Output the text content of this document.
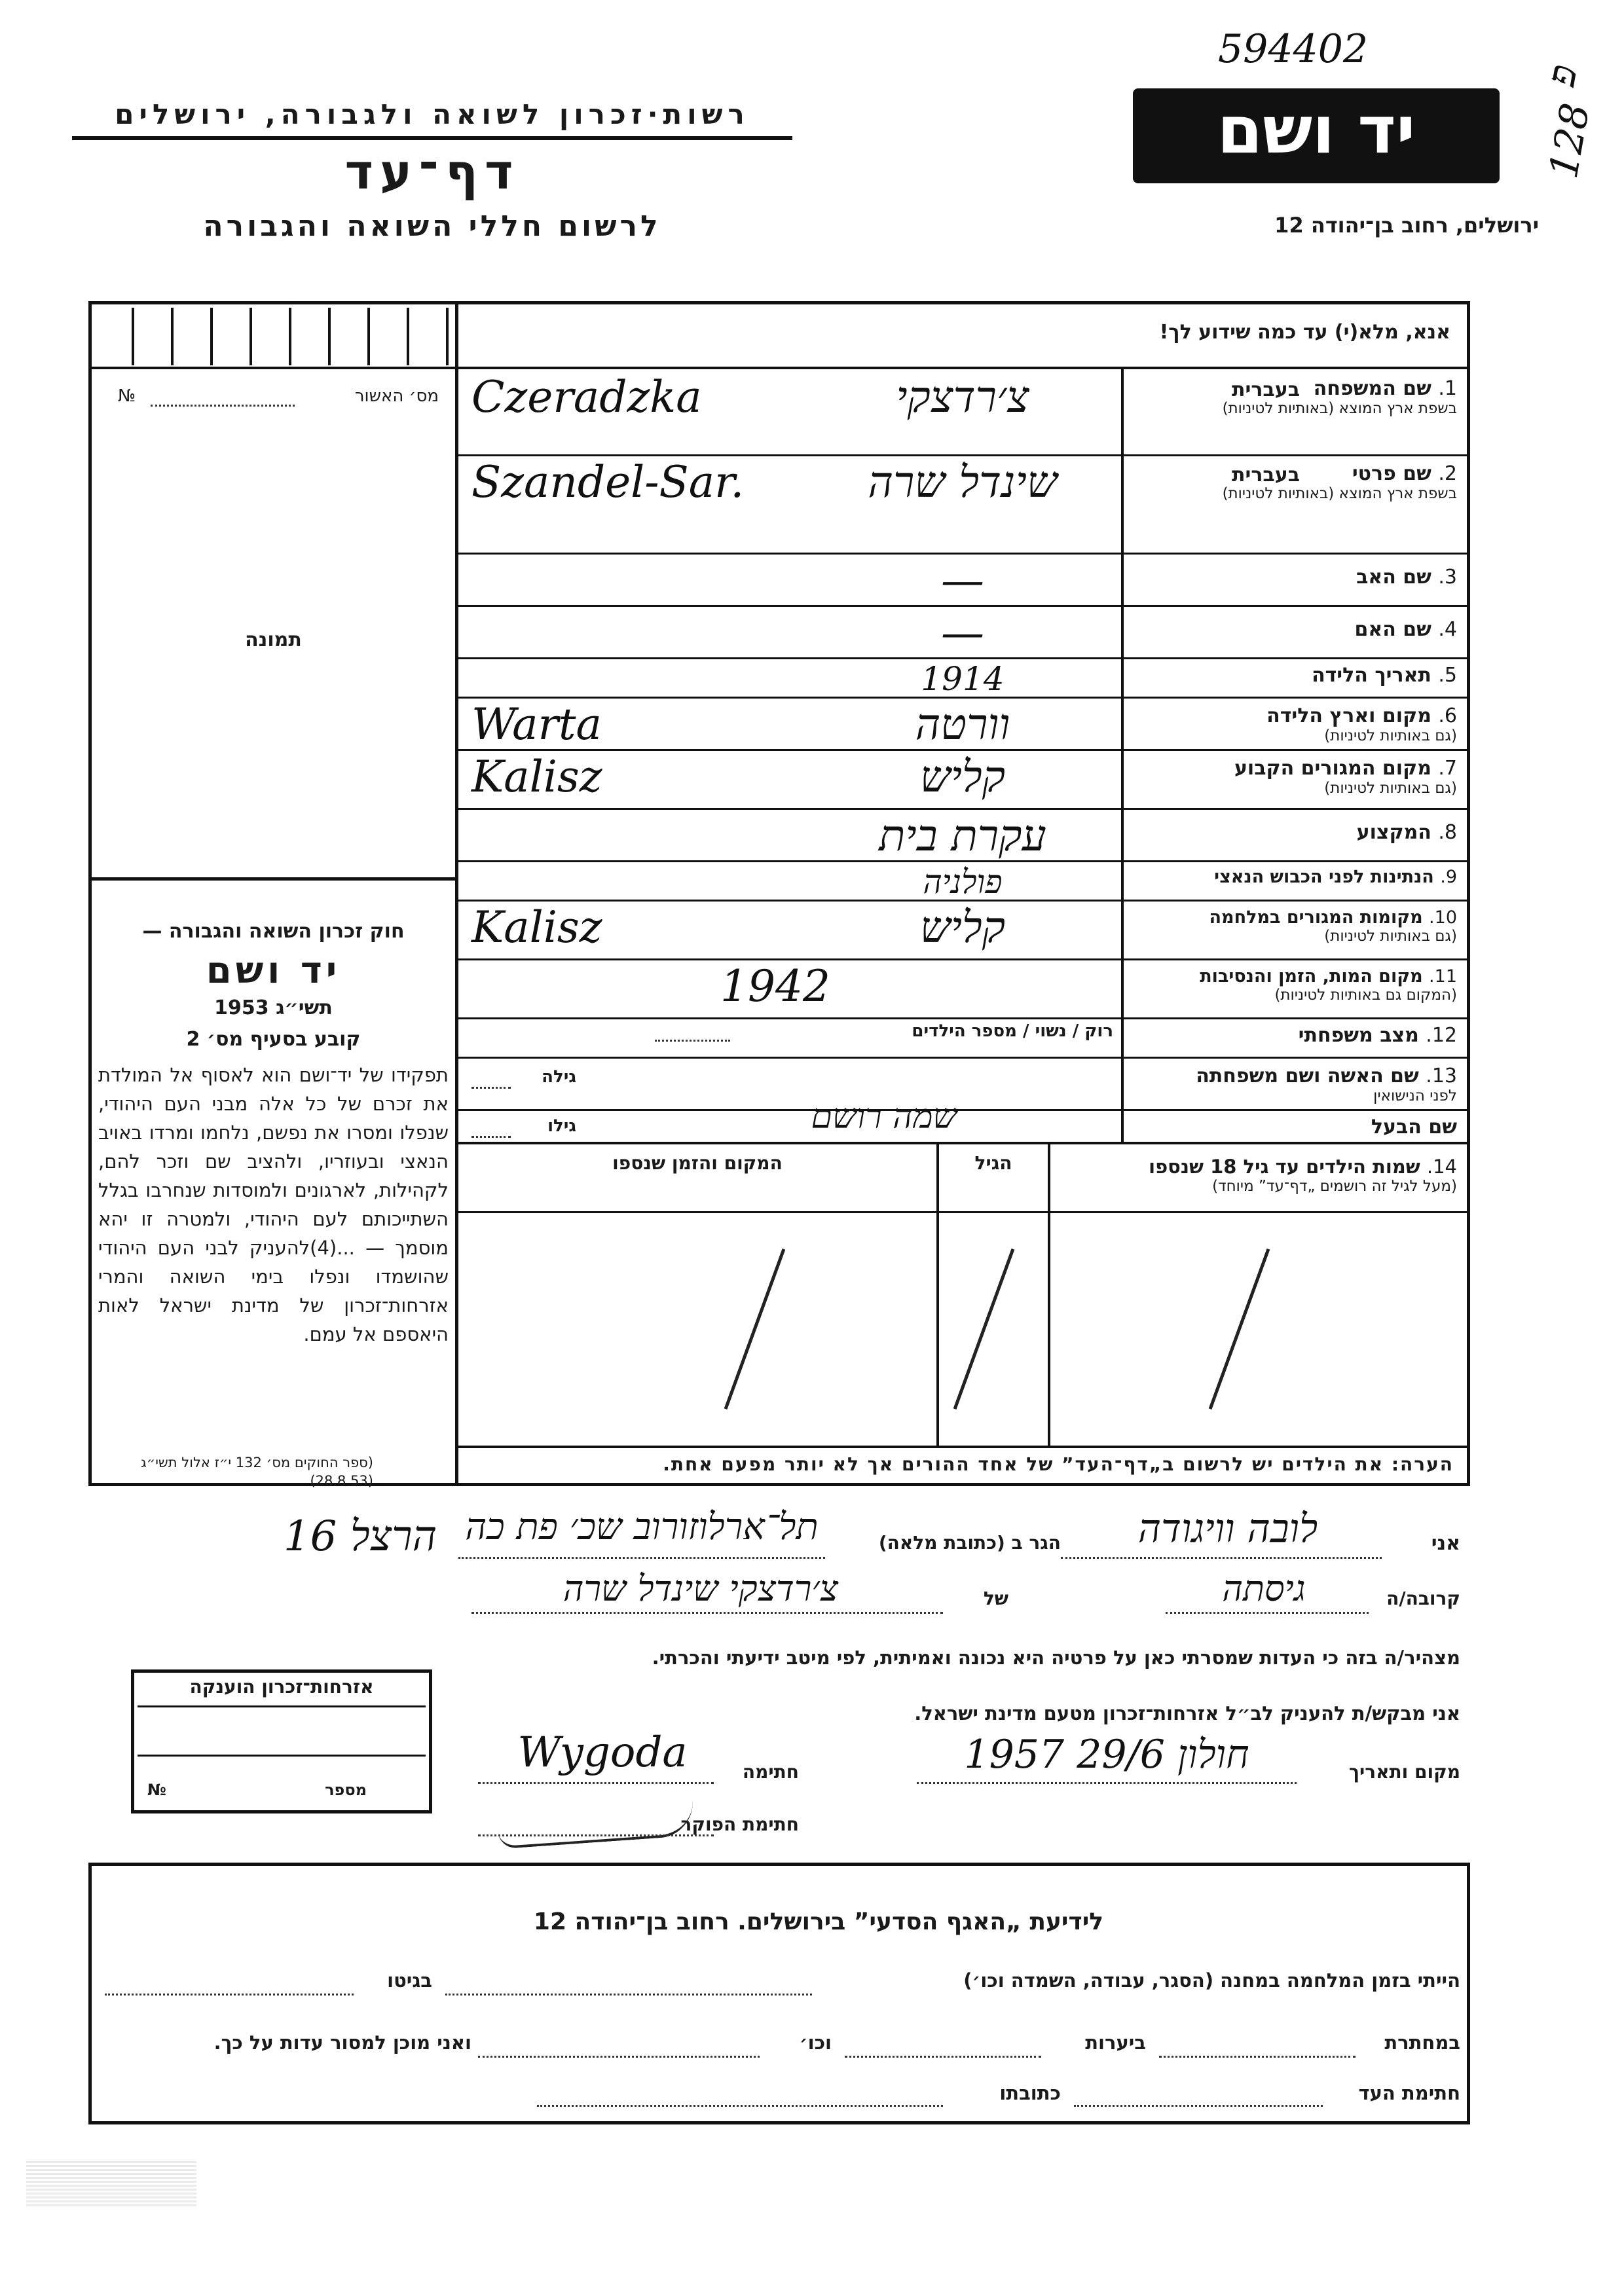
594402
128
פ
רשות·זכרון לשואה ולגבורה, ירושלים
דף־עד
לרשום חללי השואה והגבורה
יד ושם
ירושלים, רחוב בן־יהודה 12
אנא, מלא(י) עד כמה שידוע לך!
מס׳ האשור
№
תמונה
חוק זכרון השואה והגבורה —
יד ושם
תשי״ג 1953
קובע בסעיף מס׳ 2
תפקידו של יד־ושם הוא לאסוף אל המולדת את זכרם של כל אלה מבני העם היהודי, שנפלו ומסרו את נפשם, נלחמו ומרדו באויב הנאצי ובעוזריו, ולהציב שם וזכר להם, לקהילות, לארגונים ולמוסדות שנחרבו בגלל השתייכותם לעם היהודי, ולמטרה זו יהא מוסמך — ...(4)להעניק לבני העם היהודי שהושמדו ונפלו בימי השואה והמרי אזרחות־זכרון של מדינת ישראל לאות היאספם אל עמם.
(ספר החוקים מס׳ 132 י״ז אלול תשי״ג (28.8.53)
1. שם המשפחה
בשפת ארץ המוצא (באותיות לטיניות)
צ׳רדצקי
Czeradzka
2. שם פרטי
בשפת ארץ המוצא (באותיות לטיניות)
שינדל שרה
Szandel-Sar.
3. שם האב
—
4. שם האם
—
5. תאריך הלידה
1914
6. מקום וארץ הלידה
(גם באותיות לטיניות)
וורטה
Warta
7. מקום המגורים הקבוע
(גם באותיות לטיניות)
קליש
Kalisz
8. המקצוע
עקרת בית
9. הנתינות לפני הכבוש הנאצי
פולניה
10. מקומות המגורים במלחמה
(גם באותיות לטיניות)
קליש
Kalisz
11. מקום המות, הזמן והנסיבות
(המקום גם באותיות לטיניות)
1942
12. מצב משפחתי
13. שם האשה ושם משפחתה
לפני הנישואין
שם הבעל
שמה רושם
בעברית
בעברית
רוק / נשוי / מספר הילדים
גילה
גילו
14. שמות הילדים עד גיל 18 שנספו
(מעל לגיל זה רושמים „דף־עד” מיוחד)
הגיל
המקום והזמן שנספו
הערה: את הילדים יש לרשום ב„דף־העד” של אחד ההורים אך לא יותר מפעם אחת.
אני
לובה וויגודה
הגר ב (כתובת מלאה)
תל־ארלוזורוב שכ׳ פת כה
הרצל 16
קרובה/ה
גיסתה
של
צ׳רדצקי שינדל שרה
מצהיר/ה בזה כי העדות שמסרתי כאן על פרטיה היא נכונה ואמיתית, לפי מיטב ידיעתי והכרתי.
אני מבקש/ת להעניק לב״ל אזרחות־זכרון מטעם מדינת ישראל.
אזרחות־זכרון הוענקה
מספר
№
מקום ותאריך
חולון 29/6 1957
חתימה
Wygoda
חתימת הפוקר
לידיעת „האגף הסדעי” בירושלים. רחוב בן־יהודה 12
הייתי בזמן המלחמה במחנה (הסגר, עבודה, השמדה וכו׳)
בגיטו
במחתרת
ביערות
וכו׳
ואני מוכן למסור עדות על כך.
חתימת העד
כתובתו
